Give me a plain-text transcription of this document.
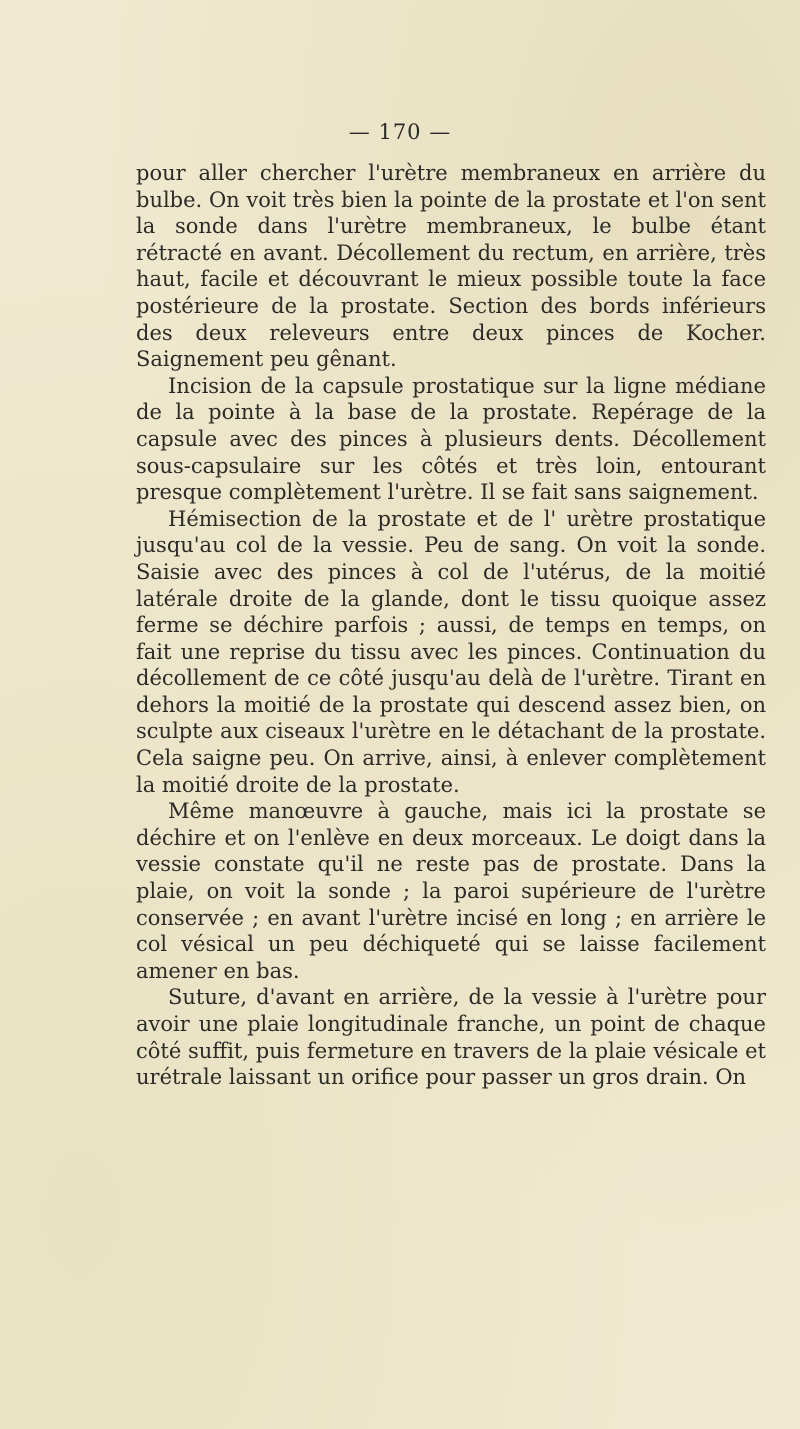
— 170 —

pour aller chercher l'urètre membraneux en arrière du bulbe. On voit très bien la pointe de la prostate et l'on sent la sonde dans l'urètre membraneux, le bulbe étant rétracté en avant. Décollement du rectum, en arrière, très haut, facile et découvrant le mieux possible toute la face postérieure de la prostate. Section des bords inférieurs des deux releveurs entre deux pinces de Kocher. Saignement peu gênant.

Incision de la capsule prostatique sur la ligne médiane de la pointe à la base de la prostate. Repérage de la capsule avec des pinces à plusieurs dents. Décollement sous-capsulaire sur les côtés et très loin, entourant presque complètement l'urètre. Il se fait sans saignement.

Hémisection de la prostate et de l' urètre prostatique jusqu'au col de la vessie. Peu de sang. On voit la sonde. Saisie avec des pinces à col de l'utérus, de la moitié latérale droite de la glande, dont le tissu quoique assez ferme se déchire parfois ; aussi, de temps en temps, on fait une reprise du tissu avec les pinces. Continuation du décollement de ce côté jusqu'au delà de l'urètre. Tirant en dehors la moitié de la prostate qui descend assez bien, on sculpte aux ciseaux l'urètre en le détachant de la prostate. Cela saigne peu. On arrive, ainsi, à enlever complètement la moitié droite de la prostate.

Même manœuvre à gauche, mais ici la prostate se déchire et on l'enlève en deux morceaux. Le doigt dans la vessie constate qu'il ne reste pas de prostate. Dans la plaie, on voit la sonde ; la paroi supérieure de l'urètre conservée ; en avant l'urètre incisé en long ; en arrière le col vésical un peu déchiqueté qui se laisse facilement amener en bas.

Suture, d'avant en arrière, de la vessie à l'urètre pour avoir une plaie longitudinale franche, un point de chaque côté suffit, puis fermeture en travers de la plaie vésicale et urétrale laissant un orifice pour passer un gros drain. On
